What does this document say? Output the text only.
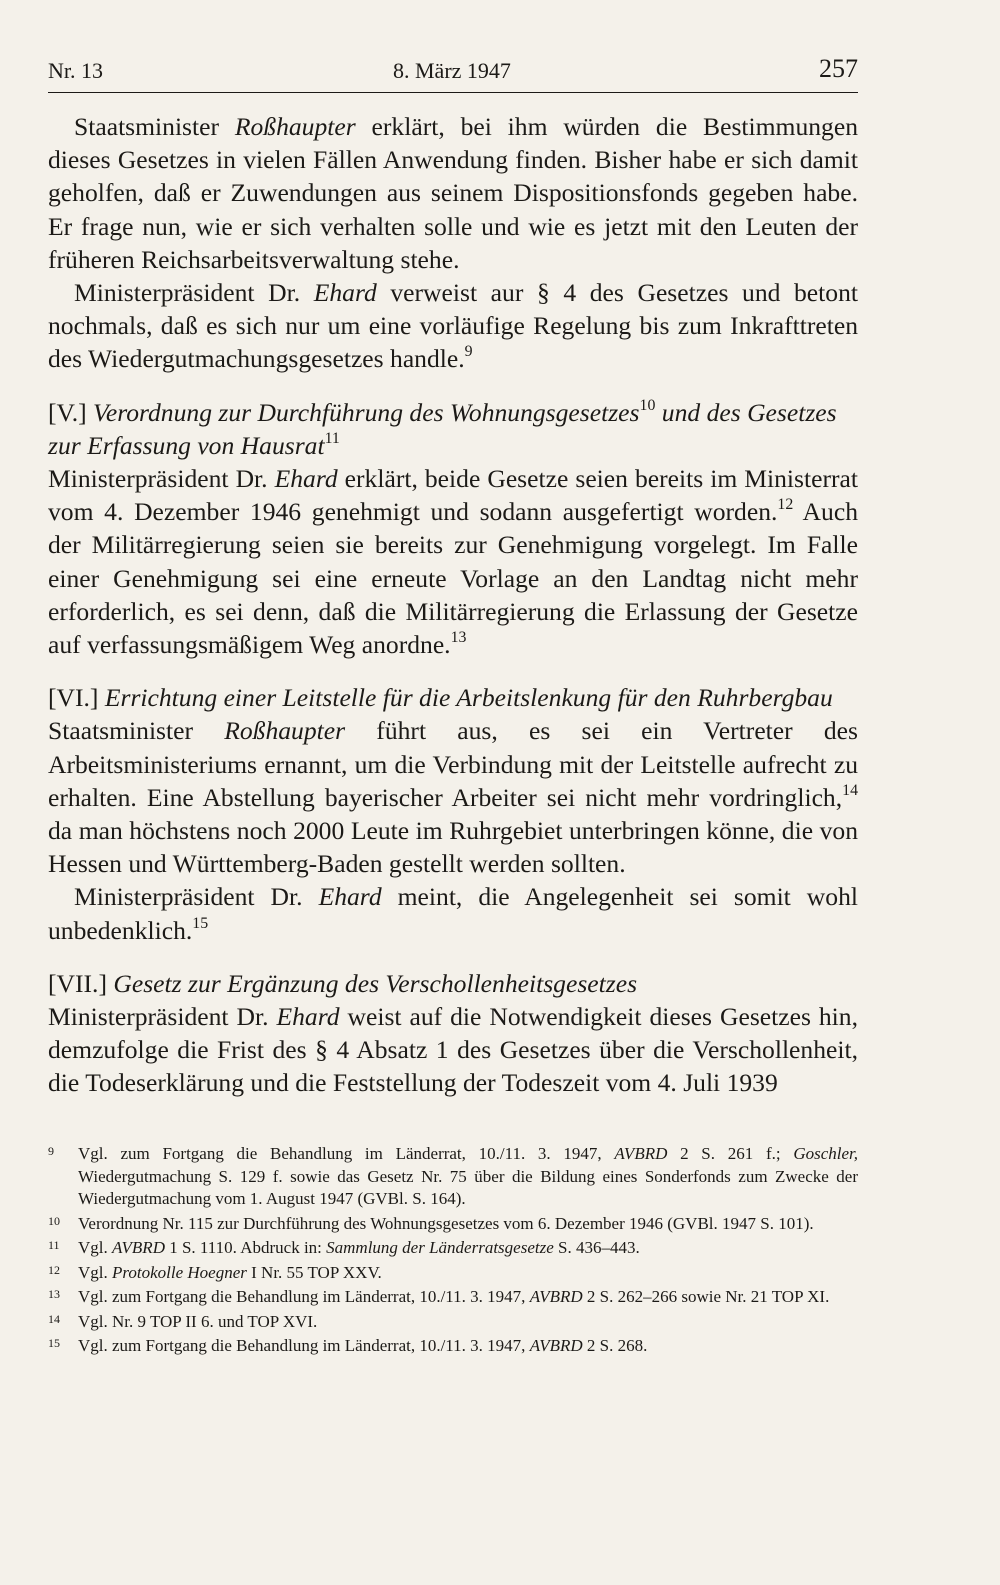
Nr. 13	8. März 1947	257

Staatsminister Roßhaupter erklärt, bei ihm würden die Bestimmungen dieses Gesetzes in vielen Fällen Anwendung finden. Bisher habe er sich damit geholfen, daß er Zuwendungen aus seinem Dispositionsfonds gegeben habe. Er frage nun, wie er sich verhalten solle und wie es jetzt mit den Leuten der früheren Reichsarbeitsverwaltung stehe.

Ministerpräsident Dr. Ehard verweist aur § 4 des Gesetzes und betont nochmals, daß es sich nur um eine vorläufige Regelung bis zum Inkrafttreten des Wiedergutmachungsgesetzes handle.$^9$

[V.] Verordnung zur Durchführung des Wohnungsgesetzes$^{10}$ und des Gesetzes zur Erfassung von Hausrat$^{11}$

Ministerpräsident Dr. Ehard erklärt, beide Gesetze seien bereits im Ministerrat vom 4. Dezember 1946 genehmigt und sodann ausgefertigt worden.$^{12}$ Auch der Militärregierung seien sie bereits zur Genehmigung vorgelegt. Im Falle einer Genehmigung sei eine erneute Vorlage an den Landtag nicht mehr erforderlich, es sei denn, daß die Militärregierung die Erlassung der Gesetze auf verfassungsmäßigem Weg anordne.$^{13}$

[VI.] Errichtung einer Leitstelle für die Arbeitslenkung für den Ruhrbergbau

Staatsminister Roßhaupter führt aus, es sei ein Vertreter des Arbeitsministeriums ernannt, um die Verbindung mit der Leitstelle aufrecht zu erhalten. Eine Abstellung bayerischer Arbeiter sei nicht mehr vordringlich,$^{14}$ da man höchstens noch 2000 Leute im Ruhrgebiet unterbringen könne, die von Hessen und Württemberg-Baden gestellt werden sollten.

Ministerpräsident Dr. Ehard meint, die Angelegenheit sei somit wohl unbedenklich.$^{15}$

[VII.] Gesetz zur Ergänzung des Verschollenheitsgesetzes

Ministerpräsident Dr. Ehard weist auf die Notwendigkeit dieses Gesetzes hin, demzufolge die Frist des § 4 Absatz 1 des Gesetzes über die Verschollenheit, die Todeserklärung und die Feststellung der Todeszeit vom 4. Juli 1939

9 Vgl. zum Fortgang die Behandlung im Länderrat, 10./11. 3. 1947, AVBRD 2 S. 261 f.; Goschler, Wiedergutmachung S. 129 f. sowie das Gesetz Nr. 75 über die Bildung eines Sonderfonds zum Zwecke der Wiedergutmachung vom 1. August 1947 (GVBl. S. 164).

10 Verordnung Nr. 115 zur Durchführung des Wohnungsgesetzes vom 6. Dezember 1946 (GVBl. 1947 S. 101).

11 Vgl. AVBRD 1 S. 1110. Abdruck in: Sammlung der Länderratsgesetze S. 436–443.

12 Vgl. Protokolle Hoegner I Nr. 55 TOP XXV.

13 Vgl. zum Fortgang die Behandlung im Länderrat, 10./11. 3. 1947, AVBRD 2 S. 262–266 sowie Nr. 21 TOP XI.

14 Vgl. Nr. 9 TOP II 6. und TOP XVI.

15 Vgl. zum Fortgang die Behandlung im Länderrat, 10./11. 3. 1947, AVBRD 2 S. 268.
